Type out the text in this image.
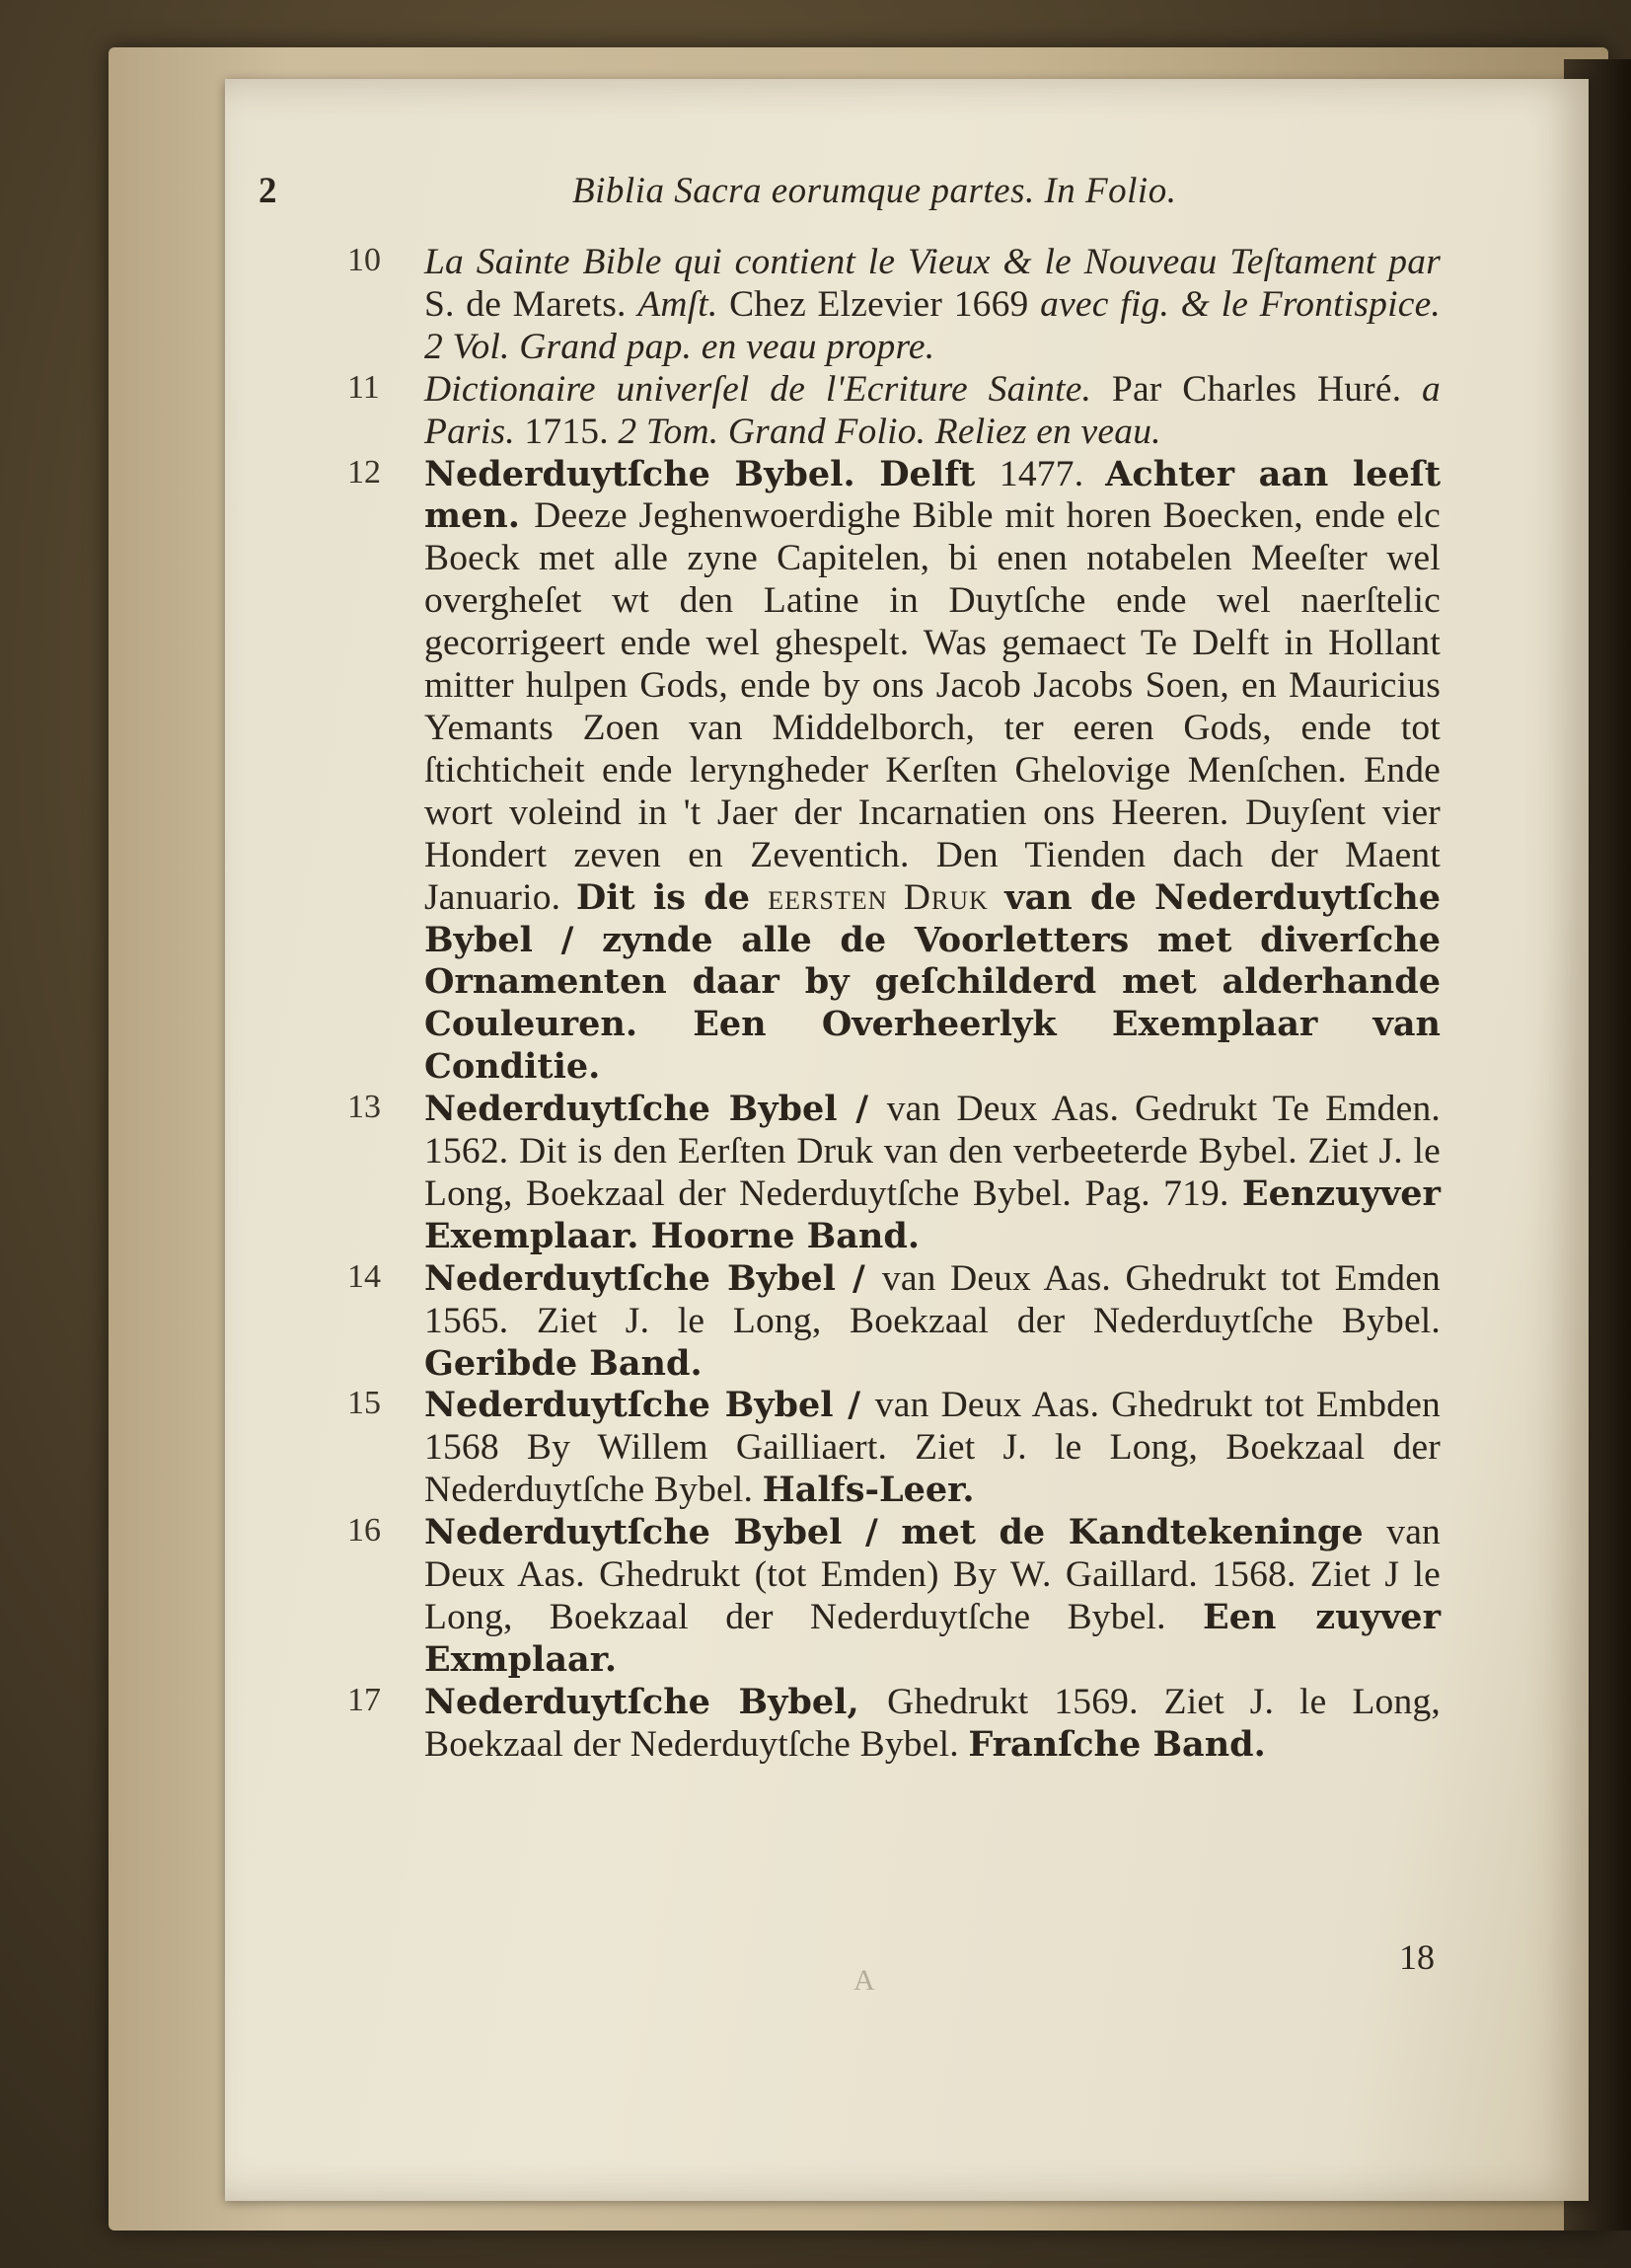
2	Biblia Sacra eorumque partes. In Folio.
10 La Sainte Bible qui contient le Vieux & le Nouveau Teſtament par S. de Marets. Amſt. Chez Elzevier 1669 avec fig. & le Frontispice. 2 Vol. Grand pap. en veau propre.
11 Dictionaire univerſel de l'Ecriture Sainte. Par Charles Huré. a Paris. 1715. 2 Tom. Grand Folio. Reliez en veau.
12 Nederduytſche Bybel. Delft 1477. Achter aan leeſt men. Deeze Jeghenwoerdighe Bible mit horen Boecken, ende elc Boeck met alle zyne Capitelen, bi enen notabelen Meeſter wel overgheſet wt den Latine in Duytſche ende wel naerſtelic gecorrigeert ende wel ghespelt. Was gemaect Te Delft in Hollant mitter hulpen Gods, ende by ons Jacob Jacobs Soen, en Mauricius Yemants Zoen van Middelborch, ter eeren Gods, ende tot ſtichticheit ende leryngheder Kerſten Ghelovige Menſchen. Ende wort voleind in 't Jaer der Incarnatien ons Heeren. Duyſent vier Hondert zeven en Zeventich. Den Tienden dach der Maent Januario. Dit is de eersten Druk van de Nederduytſche Bybel / zynde alle de Voorletters met diverſche Ornamenten daar by geſchilderd met alderhande Couleuren. Een Overheerlyk Exemplaar van Conditie.
13 Nederduytſche Bybel / van Deux Aas. Gedrukt Te Emden. 1562. Dit is den Eerſten Druk van den verbeeterde Bybel. Ziet J. le Long, Boekzaal der Nederduytſche Bybel. Pag. 719. Eenzuyver Exemplaar. Hoorne Band.
14 Nederduytſche Bybel / van Deux Aas. Ghedrukt tot Emden 1565. Ziet J. le Long, Boekzaal der Nederduytſche Bybel. Geribde Band.
15 Nederduytſche Bybel / van Deux Aas. Ghedrukt tot Embden 1568 By Willem Gailliaert. Ziet J. le Long, Boekzaal der Nederduytſche Bybel. Halfs-Leer.
16 Nederduytſche Bybel / met de Kandtekeninge van Deux Aas. Ghedrukt (tot Emden) By W. Gaillard. 1568. Ziet J le Long, Boekzaal der Nederduytſche Bybel. Een zuyver Exmplaar.
17 Nederduytſche Bybel, Ghedrukt 1569. Ziet J. le Long, Boekzaal der Nederduytſche Bybel. Franſche Band.
A
18
